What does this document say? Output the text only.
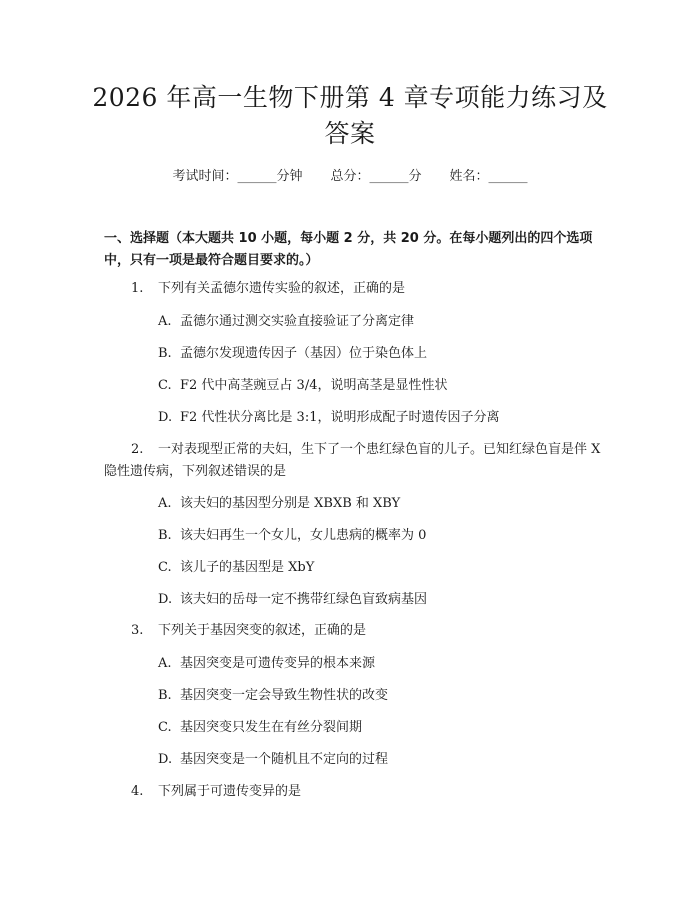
2026 年高一生物下册第 4 章专项能力练习及
答案
考试时间：______分钟 总分：______分 姓名：______
一、选择题（本大题共 10 小题，每小题 2 分，共 20 分。在每小题列出的四个选项中，只有一项是最符合题目要求的。）
1. 下列有关孟德尔遗传实验的叙述，正确的是
A. 孟德尔通过测交实验直接验证了分离定律
B. 孟德尔发现遗传因子（基因）位于染色体上
C. F2 代中高茎豌豆占 3/4，说明高茎是显性性状
D. F2 代性状分离比是 3:1，说明形成配子时遗传因子分离
2. 一对表现型正常的夫妇，生下了一个患红绿色盲的儿子。已知红绿色盲是伴 X 隐性遗传病，下列叙述错误的是
A. 该夫妇的基因型分别是 XBXB 和 XBY
B. 该夫妇再生一个女儿，女儿患病的概率为 0
C. 该儿子的基因型是 XbY
D. 该夫妇的岳母一定不携带红绿色盲致病基因
3. 下列关于基因突变的叙述，正确的是
A. 基因突变是可遗传变异的根本来源
B. 基因突变一定会导致生物性状的改变
C. 基因突变只发生在有丝分裂间期
D. 基因突变是一个随机且不定向的过程
4. 下列属于可遗传变异的是
